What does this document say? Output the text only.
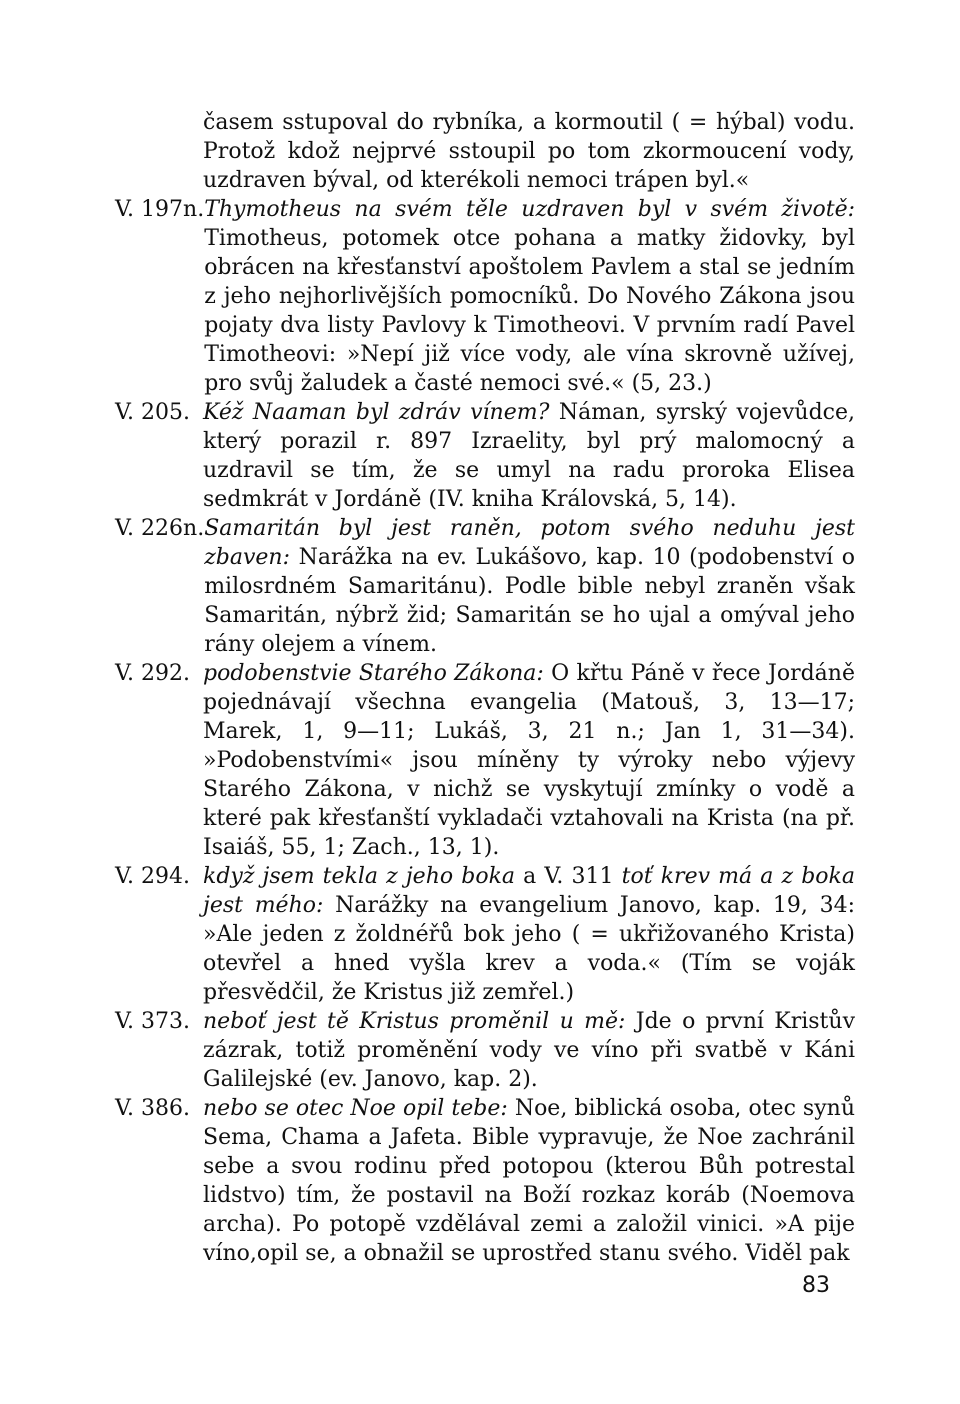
časem sstupoval do rybníka, a kormoutil ( = hýbal) vodu. Protož kdož nejprvé sstoupil po tom zkormoucení vody, uzdraven býval, od kterékoli nemoci trápen byl.«
V. 197n. Thymotheus na svém těle uzdraven byl v svém životě: Timotheus, potomek otce pohana a matky židovky, byl obrácen na křesťanství apoštolem Pavlem a stal se jedním z jeho nejhorlivějších pomocníků. Do Nového Zákona jsou pojaty dva listy Pavlovy k Timotheovi. V prvním radí Pavel Timotheovi: »Nepí již více vody, ale vína skrovně užívej, pro svůj žaludek a časté nemoci své.« (5, 23.)
V. 205. Kéž Naaman byl zdráv vínem? Náman, syrský vojevůdce, který porazil r. 897 Izraelity, byl prý malomocný a uzdravil se tím, že se umyl na radu proroka Elisea sedmkrát v Jordáně (IV. kniha Královská, 5, 14).
V. 226n. Samaritán byl jest raněn, potom svého neduhu jest zbaven: Narážka na ev. Lukášovo, kap. 10 (podobenství o milosrdném Samaritánu). Podle bible nebyl zraněn však Samaritán, nýbrž žid; Samaritán se ho ujal a omýval jeho rány olejem a vínem.
V. 292. podobenstvie Starého Zákona: O křtu Páně v řece Jordáně pojednávají všechna evangelia (Matouš, 3, 13—17; Marek, 1, 9—11; Lukáš, 3, 21 n.; Jan 1, 31—34). »Podobenstvími« jsou míněny ty výroky nebo výjevy Starého Zákona, v nichž se vyskytují zmínky o vodě a které pak křesťanští vykladači vztahovali na Krista (na př. Isaiáš, 55, 1; Zach., 13, 1).
V. 294. když jsem tekla z jeho boka a V. 311 toť krev má a z boka jest mého: Narážky na evangelium Janovo, kap. 19, 34: »Ale jeden z žoldnéřů bok jeho ( = ukřižovaného Krista) otevřel a hned vyšla krev a voda.« (Tím se voják přesvědčil, že Kristus již zemřel.)
V. 373. neboť jest tě Kristus proměnil u mě: Jde o první Kristův zázrak, totiž proměnění vody ve víno při svatbě v Káni Galilejské (ev. Janovo, kap. 2).
V. 386. nebo se otec Noe opil tebe: Noe, biblická osoba, otec synů Sema, Chama a Jafeta. Bible vypravuje, že Noe zachránil sebe a svou rodinu před potopou (kterou Bůh potrestal lidstvo) tím, že postavil na Boží rozkaz koráb (Noemova archa). Po potopě vzdělával zemi a založil vinici. »A pije víno,opil se, a obnažil se uprostřed stanu svého. Viděl pak
83
